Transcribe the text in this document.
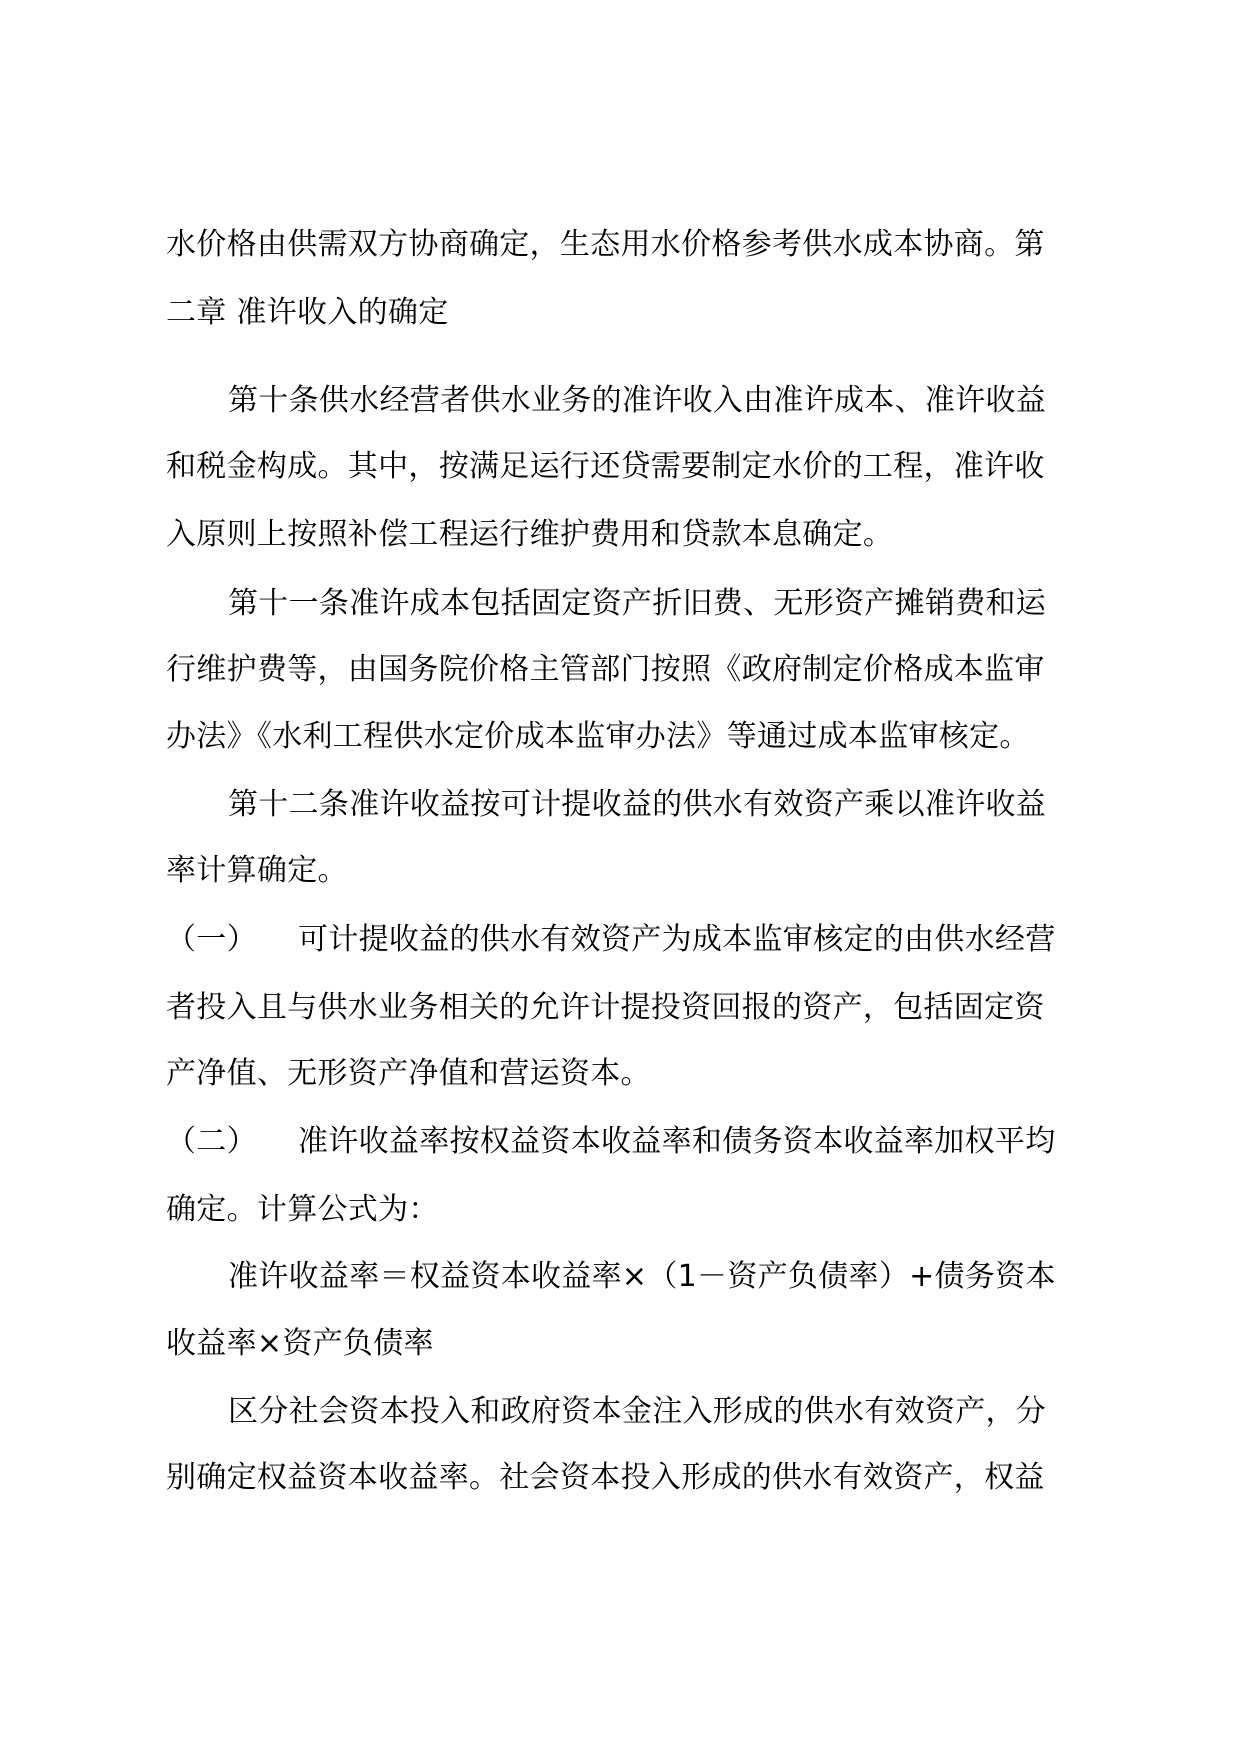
水价格由供需双方协商确定，生态用水价格参考供水成本协商。第
二章 准许收入的确定
第十条供水经营者供水业务的准许收入由准许成本、准许收益
和税金构成。其中，按满足运行还贷需要制定水价的工程，准许收
入原则上按照补偿工程运行维护费用和贷款本息确定。
第十一条准许成本包括固定资产折旧费、无形资产摊销费和运
行维护费等，由国务院价格主管部门按照《政府制定价格成本监审
办法》《水利工程供水定价成本监审办法》等通过成本监审核定。
第十二条准许收益按可计提收益的供水有效资产乘以准许收益
率计算确定。
（一） 可计提收益的供水有效资产为成本监审核定的由供水经营
者投入且与供水业务相关的允许计提投资回报的资产，包括固定资
产净值、无形资产净值和营运资本。
（二） 准许收益率按权益资本收益率和债务资本收益率加权平均
确定。计算公式为：
准许收益率＝权益资本收益率×（1－资产负债率）+债务资本
收益率×资产负债率
区分社会资本投入和政府资本金注入形成的供水有效资产，分
别确定权益资本收益率。社会资本投入形成的供水有效资产，权益
